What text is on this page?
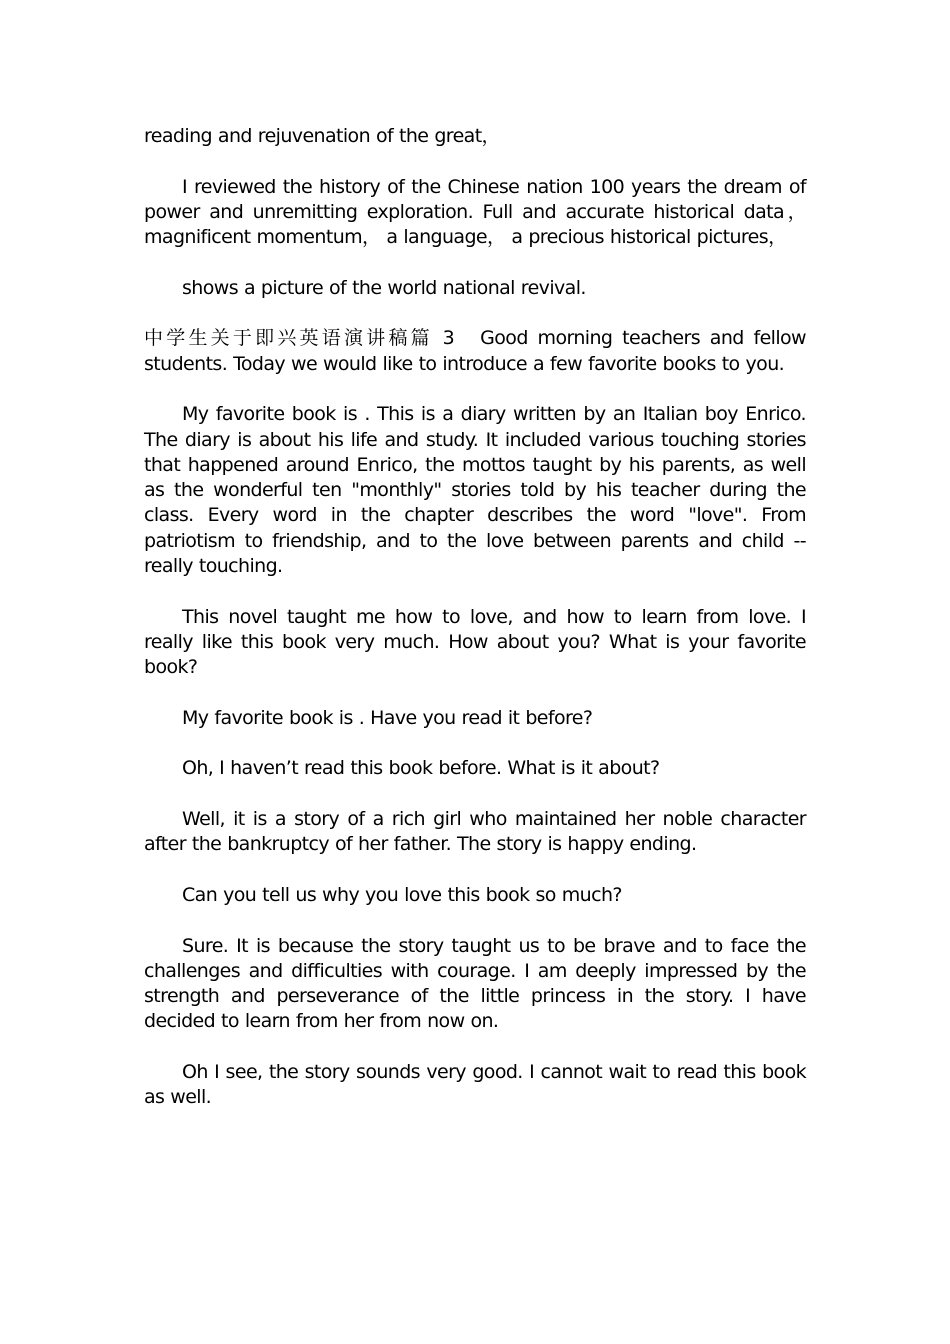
reading and rejuvenation of the great，

I reviewed the history of the Chinese nation 100 years the dream of power and unremitting exploration. Full and accurate historical data，magnificent momentum， a language， a precious historical pictures，

shows a picture of the world national revival.

中学生关于即兴英语演讲稿篇 3 Good morning teachers and fellow students. Today we would like to introduce a few favorite books to you.

My favorite book is . This is a diary written by an Italian boy Enrico. The diary is about his life and study. It included various touching stories that happened around Enrico, the mottos taught by his parents, as well as the wonderful ten "monthly" stories told by his teacher during the class. Every word in the chapter describes the word "love". From patriotism to friendship, and to the love between parents and child -- really touching.

This novel taught me how to love, and how to learn from love. I really like this book very much. How about you? What is your favorite book?

My favorite book is . Have you read it before?

Oh, I haven’t read this book before. What is it about?

Well, it is a story of a rich girl who maintained her noble character after the bankruptcy of her father. The story is happy ending.

Can you tell us why you love this book so much?

Sure. It is because the story taught us to be brave and to face the challenges and difficulties with courage. I am deeply impressed by the strength and perseverance of the little princess in the story. I have decided to learn from her from now on.

Oh I see, the story sounds very good. I cannot wait to read this book as well.
